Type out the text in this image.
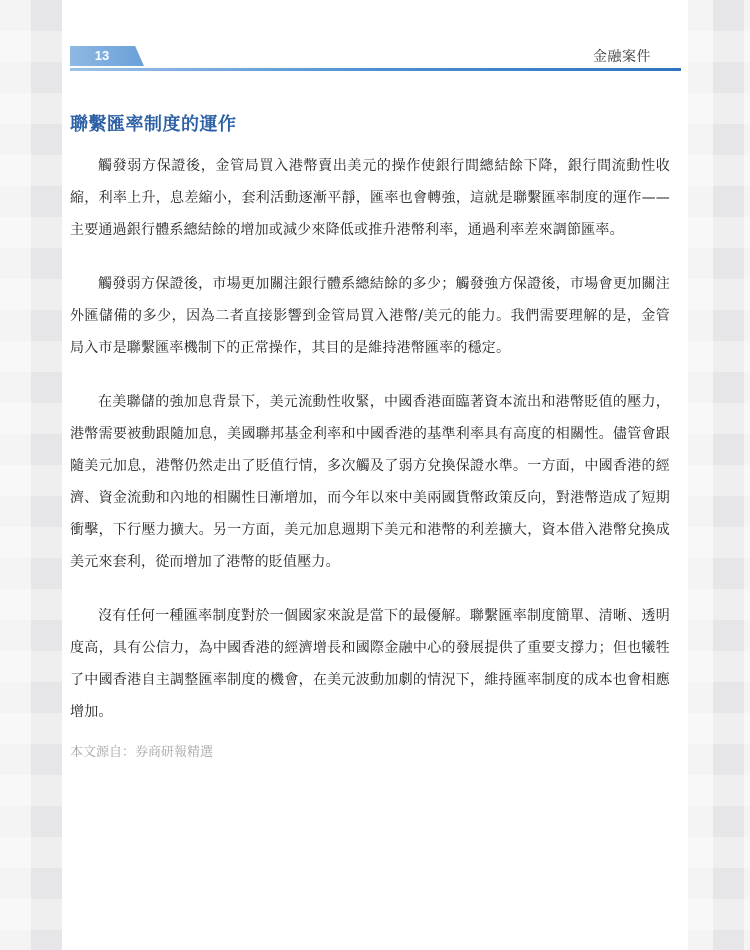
13	金融案件
聯繫匯率制度的運作

觸發弱方保證後，金管局買入港幣賣出美元的操作使銀行間總結餘下降，銀行間流動性收縮，利率上升，息差縮小，套利活動逐漸平靜，匯率也會轉強，這就是聯繫匯率制度的運作——主要通過銀行體系總結餘的增加或減少來降低或推升港幣利率，通過利率差來調節匯率。

觸發弱方保證後，市場更加關注銀行體系總結餘的多少；觸發強方保證後，市場會更加關注外匯儲備的多少，因為二者直接影響到金管局買入港幣/美元的能力。我們需要理解的是，金管局入市是聯繫匯率機制下的正常操作，其目的是維持港幣匯率的穩定。

在美聯儲的強加息背景下，美元流動性收緊，中國香港面臨著資本流出和港幣貶值的壓力，港幣需要被動跟隨加息，美國聯邦基金利率和中國香港的基準利率具有高度的相關性。儘管會跟隨美元加息，港幣仍然走出了貶值行情，多次觸及了弱方兌換保證水準。一方面，中國香港的經濟、資金流動和內地的相關性日漸增加，而今年以來中美兩國貨幣政策反向，對港幣造成了短期衝擊，下行壓力擴大。另一方面，美元加息週期下美元和港幣的利差擴大，資本借入港幣兌換成美元來套利，從而增加了港幣的貶值壓力。

沒有任何一種匯率制度對於一個國家來說是當下的最優解。聯繫匯率制度簡單、清晰、透明度高，具有公信力，為中國香港的經濟增長和國際金融中心的發展提供了重要支撐力；但也犧牲了中國香港自主調整匯率制度的機會，在美元波動加劇的情況下，維持匯率制度的成本也會相應增加。

本文源自：券商研報精選
